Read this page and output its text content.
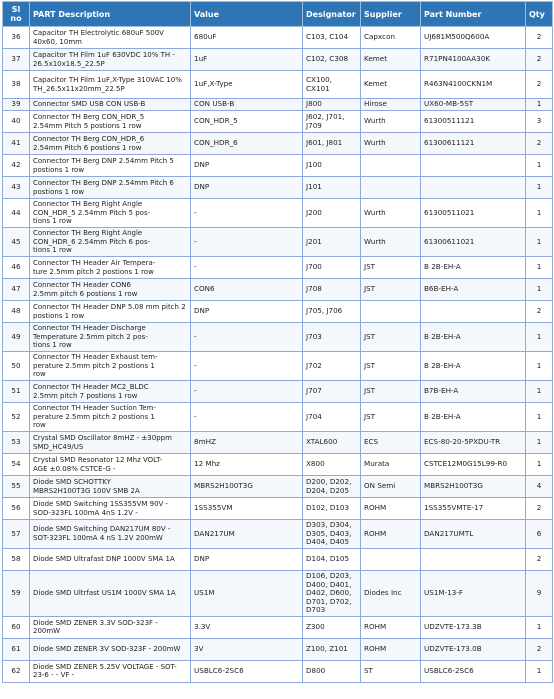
Sl no	PART Description	Value	Designator	Supplier	Part Number	Qty
36	Capacitor TH Electrolytic 680uF 500V 40x60, 10mm	680uF	C103, C104	Capxcon	UJ681M500Q600A	2
37	Capacitor TH Film 1uF 630VDC 10% TH - 26.5x10x18.5_22.5P	1uF	C102, C308	Kemet	R71PN4100AA30K	2
38	Capacitor TH Film 1uF,X-Type 310VAC 10%
TH_26.5x11x20mm_22.5P	1uF,X-Type	CX100, CX101	Kemet	R463N4100CKN1M	2
39	Connector SMD USB CON USB-B	CON USB-B	J800	Hirose	UX60-MB-5ST	1
40	Connector TH Berg CON_HDR_5
2.54mm Pitch 5 postions 1 row	CON_HDR_5	J602, J701, J709	Wurth	61300511121	3
41	Connector TH Berg CON_HDR_6
2.54mm Pitch 6 postions 1 row	CON_HDR_6	J601, J801	Wurth	61300611121	2
42	Connector TH Berg DNP 2.54mm Pitch 5 postions 1 row	DNP	J100			1
43	Connector TH Berg DNP 2.54mm Pitch 6 postions 1 row	DNP	J101			1
44	Connector TH Berg Right Angle CON_HDR_5 2.54mm Pitch 5 pos-
tions 1 row	-	J200	Wurth	61300511021	1
45	Connector TH Berg Right Angle CON_HDR_6 2.54mm Pitch 6 pos-
tions 1 row	-	J201	Wurth	61300611021	1
46	Connector TH Header Air Tempera-
ture 2.5mm pitch 2 postions 1 row	-	J700	JST	B 2B-EH-A	1
47	Connector TH Header CON6
2.5mm pitch 6 postions 1 row	CON6	J708	JST	B6B-EH-A	1
48	Connector TH Header DNP 5.08 mm pitch 2 postions 1 row	DNP	J705, J706			2
49	Connector TH Header Discharge Temperature 2.5mm pitch 2 pos-
tions 1 row	-	J703	JST	B 2B-EH-A	1
50	Connector TH Header Exhaust tem-
perature 2.5mm pitch 2 postions 1
row	-	J702	JST	B 2B-EH-A	1
51	Connector TH Header MC2_BLDC
2.5mm pitch 7 postions 1 row	-	J707	JST	B7B-EH-A	1
52	Connector TH Header Suction Tem-
perature 2.5mm pitch 2 postions 1
row	-	J704	JST	B 2B-EH-A	1
53	Crystal SMD Oscillator 8mHZ - ±30ppm SMD_HC49/US	8mHZ	XTAL600	ECS	ECS-80-20-5PXDU-TR	1
54	Crystal SMD Resonator 12 Mhz VOLT-
AGE ±0.08% CSTCE-G -	12 Mhz	X800	Murata	CSTCE12M0G15L99-R0	1
55	Diode SMD SCHOTTKY
MBRS2H100T3G 100V SMB 2A	MBRS2H100T3G	D200, D202,
D204, D205	ON Semi	MBRS2H100T3G	4
56	Diode SMD Switching 1SS355VM 90V - SOD-323FL 100mA 4nS 1.2V -	1SS355VM	D102, D103	ROHM	1SS355VMTE-17	2
57	Diode SMD Switching DAN217UM 80V - SOT-323FL 100mA 4 nS 1.2V 200mW	DAN217UM	D303, D304,
D305, D403,
D404, D405	ROHM	DAN217UMTL	6
58	Diode SMD Ultrafast DNP 1000V SMA 1A	DNP	D104, D105			2
59	Diode SMD Ultrfast US1M 1000V SMA 1A	US1M	D106, D203,
D400, D401,
D402, D600,
D701, D702, D703	Diodes Inc	US1M-13-F	9
60	Diode SMD ZENER 3.3V SOD-323F - 200mW	3.3V	Z300	ROHM	UDZVTE-173.3B	1
61	Diode SMD ZENER 3V SOD-323F - 200mW	3V	Z100, Z101	ROHM	UDZVTE-173.0B	2
62	Diode SMD ZENER 5.25V VOLTAGE - SOT-23-6 - - VF -	USBLC6-2SC6	D800	ST	USBLC6-2SC6	1
